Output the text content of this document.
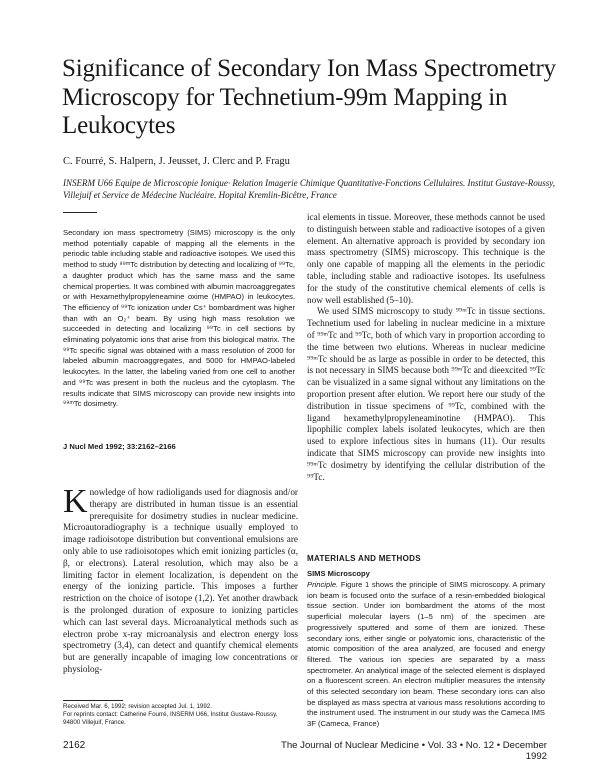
Significance of Secondary Ion Mass Spectrometry Microscopy for Technetium-99m Mapping in Leukocytes
C. Fourré, S. Halpern, J. Jeusset, J. Clerc and P. Fragu
INSERM U66 Equipe de Microscopie Ionique· Relation Imagerie Chimique Quantitative-Fonctions Cellulaires. Institut Gustave-Roussy, Villejuif et Service de Médecine Nucléaire. Hopital Kremlin-Bicêtre, France
Secondary ion mass spectrometry (SIMS) microscopy is the only method potentially capable of mapping all the elements in the periodic table including stable and radioactive isotopes. We used this method to study ⁹⁹ᵐTc distribution by detecting and localizing of ⁹⁹Tc, a daughter product which has the same mass and the same chemical properties. It was combined with albumin macroaggregates or with Hexamethylpropyleneamine oxime (HMPAO) in leukocytes. The efficiency of ⁹⁹Tc ionization under Cs⁺ bombardment was higher than with an O₂⁺ beam. By using high mass resolution we succeeded in detecting and localizing ⁹⁹Tc in cell sections by eliminating polyatomic ions that arise from this biological matrix. The ⁹⁹Tc specific signal was obtained with a mass resolution of 2000 for labeled albumin macroaggregates, and 5000 for HMPAO-labeled leukocytes. In the latter, the labeling varied from one cell to another and ⁹⁹Tc was present in both the nucleus and the cytoplasm. The results indicate that SIMS microscopy can provide new insights into ⁹⁹ᵐTc dosimetry.
J Nucl Med 1992; 33:2162–2166
Knowledge of how radioligands used for diagnosis and/or therapy are distributed in human tissue is an essential prerequisite for dosimetry studies in nuclear medicine. Microautoradiography is a technique usually employed to image radioisotope distribution but conventional emulsions are only able to use radioisotopes which emit ionizing particles (α, β, or electrons). Lateral resolution, which may also be a limiting factor in element localization, is dependent on the energy of the ionizing particle. This imposes a further restriction on the choice of isotope (1,2). Yet another drawback is the prolonged duration of exposure to ionizing particles which can last several days. Microanalytical methods such as electron probe x-ray microanalysis and electron energy loss spectrometry (3,4), can detect and quantify chemical elements but are generally incapable of imaging low concentrations or physiolog-
Received Mar. 6, 1992; revision accepted Jul. 1, 1992.
For reprints contact: Catherine Fourré, INSERM U66, Institut Gustave-Roussy, 94800 Villejuif, France.

ical elements in tissue. Moreover, these methods cannot be used to distinguish between stable and radioactive isotopes of a given element. An alternative approach is provided by secondary ion mass spectrometry (SIMS) microscopy. This technique is the only one capable of mapping all the elements in the periodic table, including stable and radioactive isotopes. Its usefulness for the study of the constitutive chemical elements of cells is now well established (5–10).

We used SIMS microscopy to study ⁹⁹ᵐTc in tissue sections. Technetium used for labeling in nuclear medicine in a mixture of ⁹⁹ᵐTc and ⁹⁹Tc, both of which vary in proportion according to the time between two elutions. Whereas in nuclear medicine ⁹⁹ᵐTc should be as large as possible in order to be detected, this is not necessary in SIMS because both ⁹⁹ᵐTc and dieexcited ⁹⁹Tc can be visualized in a same signal without any limitations on the proportion present after elution. We report here our study of the distribution in tissue specimens of ⁹⁹Tc, combined with the ligand hexamethylpropyleneaminotine (HMPAO). This lipophilic complex labels isolated leukocytes, which are then used to explore infectious sites in humans (11). Our results indicate that SIMS microscopy can provide new insights into ⁹⁹ᵐTc dosimetry by identifying the cellular distribution of the ⁹⁹Tc.

MATERIALS AND METHODS
SIMS Microscopy
Principle. Figure 1 shows the principle of SIMS microscopy. A primary ion beam is focused onto the surface of a resin-embedded biological tissue section. Under ion bombardment the atoms of the most superficial molecular layers (1–5 nm) of the specimen are progressively sputtered and some of them are ionized. These secondary ions, either single or polyatomic ions, characteristic of the atomic composition of the area analyzed, are focused and energy filtered. The various ion species are separated by a mass spectrometer. An analytical image of the selected element is displayed on a fluorescent screen. An electron multiplier measures the intensity of this selected secondary ion beam. These secondary ions can also be displayed as mass spectra at various mass resolutions according to the instrument used. The instrument in our study was the Cameca IMS 3F (Cameca, France)
2162	The Journal of Nuclear Medicine • Vol. 33 • No. 12 • December 1992
